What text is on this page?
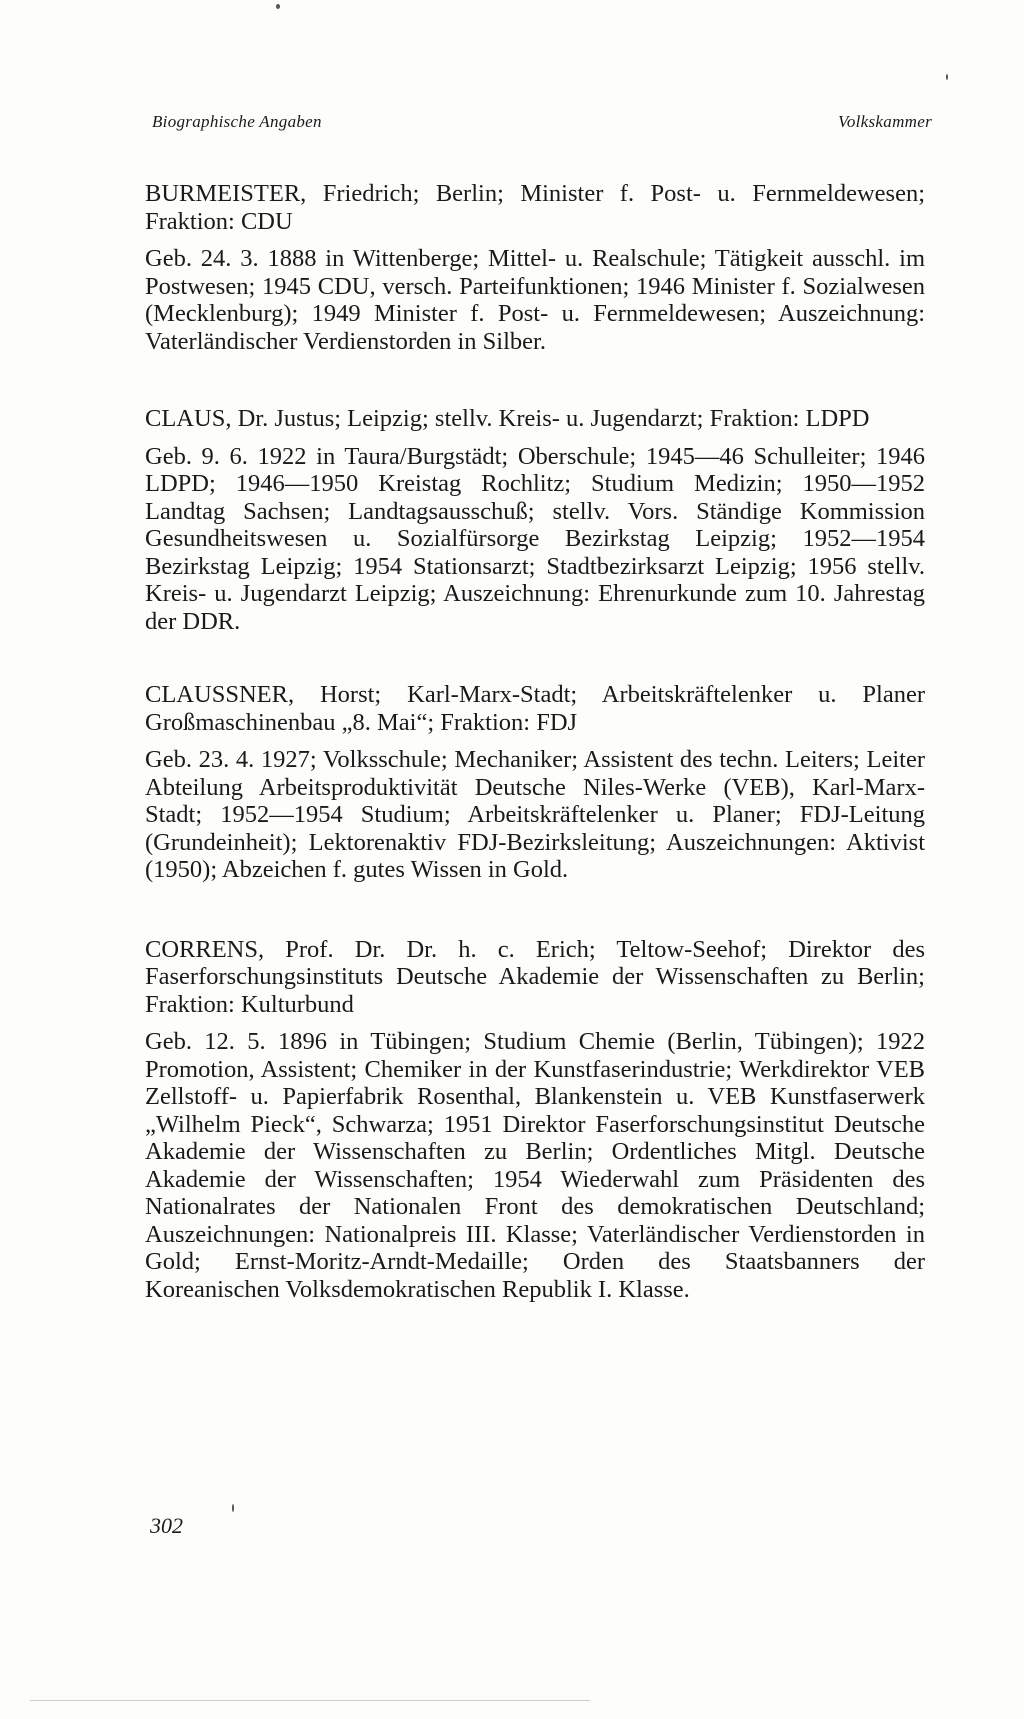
Biographische Angaben	Volkskammer

BURMEISTER, Friedrich; Berlin; Minister f. Post- u. Fernmeldewesen; Fraktion: CDU

Geb. 24. 3. 1888 in Wittenberge; Mittel- u. Realschule; Tätigkeit ausschl. im Postwesen; 1945 CDU, versch. Parteifunktionen; 1946 Minister f. Sozialwesen (Mecklenburg); 1949 Minister f. Post- u. Fernmeldewesen; Auszeichnung: Vaterländischer Verdienstorden in Silber.

CLAUS, Dr. Justus; Leipzig; stellv. Kreis- u. Jugendarzt; Fraktion: LDPD

Geb. 9. 6. 1922 in Taura/Burgstädt; Oberschule; 1945—46 Schulleiter; 1946 LDPD; 1946—1950 Kreistag Rochlitz; Studium Medizin; 1950—1952 Landtag Sachsen; Landtagsausschuß; stellv. Vors. Ständige Kommission Gesundheitswesen u. Sozialfürsorge Bezirkstag Leipzig; 1952—1954 Bezirkstag Leipzig; 1954 Stationsarzt; Stadtbezirksarzt Leipzig; 1956 stellv. Kreis- u. Jugendarzt Leipzig; Auszeichnung: Ehrenurkunde zum 10. Jahrestag der DDR.

CLAUSSNER, Horst; Karl-Marx-Stadt; Arbeitskräftelenker u. Planer Großmaschinenbau „8. Mai“; Fraktion: FDJ

Geb. 23. 4. 1927; Volksschule; Mechaniker; Assistent des techn. Leiters; Leiter Abteilung Arbeitsproduktivität Deutsche Niles-Werke (VEB), Karl-Marx-Stadt; 1952—1954 Studium; Arbeitskräftelenker u. Planer; FDJ-Leitung (Grundeinheit); Lektorenaktiv FDJ-Bezirksleitung; Auszeichnungen: Aktivist (1950); Abzeichen f. gutes Wissen in Gold.

CORRENS, Prof. Dr. Dr. h. c. Erich; Teltow-Seehof; Direktor des Faserforschungsinstituts Deutsche Akademie der Wissenschaften zu Berlin; Fraktion: Kulturbund

Geb. 12. 5. 1896 in Tübingen; Studium Chemie (Berlin, Tübingen); 1922 Promotion, Assistent; Chemiker in der Kunstfaserindustrie; Werkdirektor VEB Zellstoff- u. Papierfabrik Rosenthal, Blankenstein u. VEB Kunstfaserwerk „Wilhelm Pieck“, Schwarza; 1951 Direktor Faserforschungsinstitut Deutsche Akademie der Wissenschaften zu Berlin; Ordentliches Mitgl. Deutsche Akademie der Wissenschaften; 1954 Wiederwahl zum Präsidenten des Nationalrates der Nationalen Front des demokratischen Deutschland; Auszeichnungen: Nationalpreis III. Klasse; Vaterländischer Verdienstorden in Gold; Ernst-Moritz-Arndt-Medaille; Orden des Staatsbanners der Koreanischen Volksdemokratischen Republik I. Klasse.

302
